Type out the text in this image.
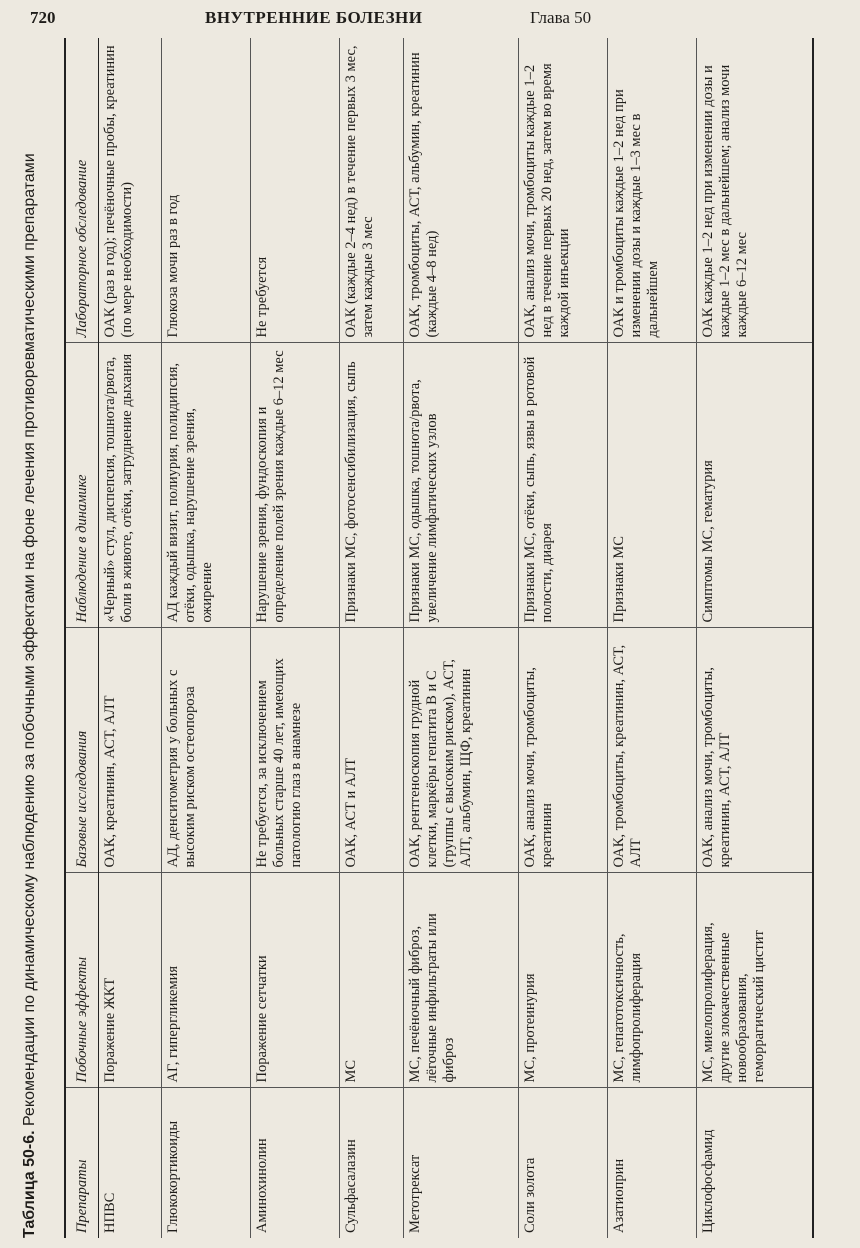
720	ВНУТРЕННИЕ БОЛЕЗНИ	Глава 50
Таблица 50-6. Рекомендации по динамическому наблюдению за побочными эффектами на фоне лечения противоревматическими препаратами
Препараты	Побочные эффекты	Базовые исследования	Наблюдение в динамике	Лабораторное обследование
НПВС	Поражение ЖКТ	ОАК, креатинин, АСТ, АЛТ	«Черный» стул, диспепсия, тошнота/рвота, боли в животе, отёки, затруднение дыхания	ОАК (раз в год); печёночные пробы, креатинин (по мере необходимости)
Глюкокортикоиды	АГ, гипергликемия	АД, денситометрия у больных с высоким риском остеопороза	АД каждый визит, полиурия, полидипсия, отёки, одышка, нарушение зрения, ожирение	Глюкоза мочи раз в год
Аминохинолин	Поражение сетчатки	Не требуется, за исключением больных старше 40 лет, имеющих патологию глаз в анамнезе	Нарушение зрения, фундоскопия и определение полей зрения каждые 6–12 мес	Не требуется
Сульфасалазин	МС	ОАК, АСТ и АЛТ	Признаки МС, фотосенсибилизация, сыпь	ОАК (каждые 2–4 нед) в течение первых 3 мес, затем каждые 3 мес
Метотрексат	МС, печёночный фиброз, лёгочные инфильтраты или фиброз	ОАК, рентгеноскопия грудной клетки, маркёры гепатита В и С (группы с высоким риском), АСТ, АЛТ, альбумин, ЩФ, креатинин	Признаки МС, одышка, тошнота/рвота, увеличение лимфатических узлов	ОАК, тромбоциты, АСТ, альбумин, креатинин (каждые 4–8 нед)
Соли золота	МС, протеинурия	ОАК, анализ мочи, тромбоциты, креатинин	Признаки МС, отёки, сыпь, язвы в ротовой полости, диарея	ОАК, анализ мочи, тромбоциты каждые 1–2 нед в течение первых 20 нед, затем во время каждой инъекции
Азатиоприн	МС, гепатотоксичность, лимфопролиферация	ОАК, тромбоциты, креатинин, АСТ, АЛТ	Признаки МС	ОАК и тромбоциты каждые 1–2 нед при изменении дозы и каждые 1–3 мес в дальнейшем
Циклофосфамид	МС, миелопролиферация, другие злокачественные новообразования, геморрагический цистит	ОАК, анализ мочи, тромбоциты, креатинин, АСТ, АЛТ	Симптомы МС, гематурия	ОАК каждые 1–2 нед при изменении дозы и каждые 1–2 мес в дальнейшем; анализ мочи каждые 6–12 мес
